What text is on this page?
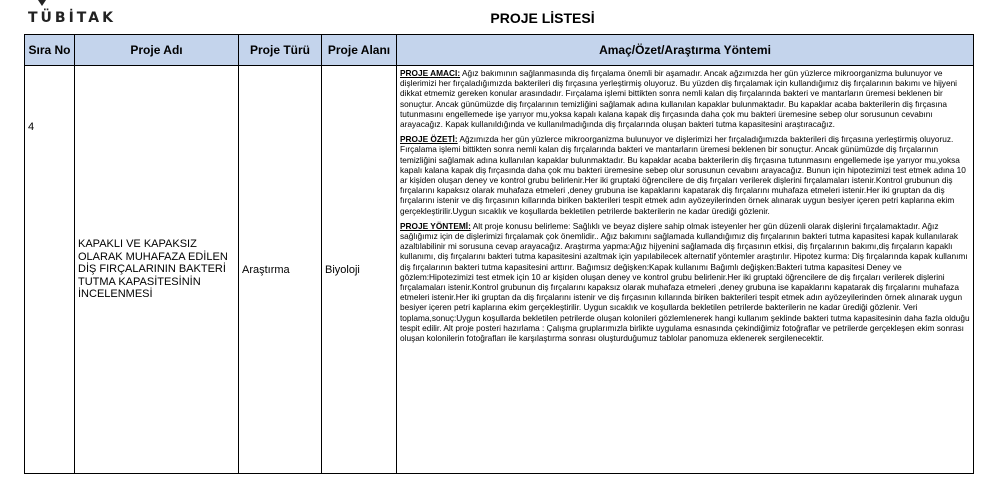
TÜBİTAK	PROJE LİSTESİ
Sıra No	Proje Adı	Proje Türü	Proje Alanı	Amaç/Özet/Araştırma Yöntemi
4	KAPAKLI VE KAPAKSIZ OLARAK MUHAFAZA EDİLEN DİŞ FIRÇALARININ BAKTERİ TUTMA KAPASİTESİNİN İNCELENMESİ	Araştırma	Biyoloji	PROJE AMACI: Ağız bakımının sağlanmasında diş fırçalama önemli bir aşamadır. Ancak ağzımızda her gün yüzlerce mikroorganizma bulunuyor ve dişlerimizi her fırçaladığımızda bakterileri diş fırçasına yerleştirmiş oluyoruz. Bu yüzden diş fırçalamak için kullandığımız diş fırçalarının bakımı ve hijyeni dikkat etmemiz gereken konular arasındadır. Fırçalama işlemi bittikten sonra nemli kalan diş fırçalarında bakteri ve mantarların üremesi beklenen bir sonuçtur. Ancak günümüzde diş fırçalarının temizliğini sağlamak adına kullanılan kapaklar bulunmaktadır. Bu kapaklar acaba bakterilerin diş fırçasına tutunmasını engellemede işe yarıyor mu,yoksa kapalı kalana kapak diş fırçasında daha çok mu bakteri üremesine sebep olur sorusunun cevabını arayacağız. Kapak kullanıldığında ve kullanılmadığında diş fırçalarında oluşan bakteri tutma kapasitesini araştıracağız.

PROJE ÖZETİ: Ağzımızda her gün yüzlerce mikroorganizma bulunuyor ve dişlerimizi her fırçaladığımızda bakterileri diş fırçasına yerleştirmiş oluyoruz. Fırçalama işlemi bittikten sonra nemli kalan diş fırçalarında bakteri ve mantarların üremesi beklenen bir sonuçtur. Ancak günümüzde diş fırçalarının temizliğini sağlamak adına kullanılan kapaklar bulunmaktadır. Bu kapaklar acaba bakterilerin diş fırçasına tutunmasını engellemede işe yarıyor mu,yoksa kapalı kalana kapak diş fırçasında daha çok mu bakteri üremesine sebep olur sorusunun cevabını arayacağız. Bunun için hipotezimizi test etmek adına 10 ar kişiden oluşan deney ve kontrol grubu belirlenir.Her iki gruptaki öğrencilere de diş fırçaları verilerek dişlerini fırçalamaları istenir.Kontrol grubunun diş fırçalarını kapaksız olarak muhafaza etmeleri ,deney grubuna ise kapaklarını kapatarak diş fırçalarını muhafaza etmeleri istenir.Her iki gruptan da diş fırçalarını istenir ve diş fırçasının kıllarında biriken bakterileri tespit etmek adın ayözeyilerinden örnek alınarak uygun besiyer içeren petri kaplarına ekim gerçekleştirilir.Uygun sıcaklık ve koşullarda bekletilen petrilerde bakterilerin ne kadar ürediği gözlenir.

PROJE YÖNTEMİ: Alt proje konusu belirleme: Sağlıklı ve beyaz dişlere sahip olmak isteyenler her gün düzenli olarak dişlerini fırçalamaktadır. Ağız sağlığımız için de dişlerimizi fırçalamak çok önemlidir.. Ağız bakımını sağlamada kullandığımız diş fırçalarının bakteri tutma kapasitesi kapak kullanılarak azaltılabilinir mi sorusuna cevap arayacağız. Araştırma yapma:Ağız hijyenini sağlamada diş fırçasının etkisi, diş fırçalarının bakımı,diş fırçaların kapaklı kullanımı, diş fırçalarını bakteri tutma kapasitesini azaltmak için yapılabilecek alternatif yöntemler araştırılır. Hipotez kurma: Diş fırçalarında kapak kullanımı diş fırçalarının bakteri tutma kapasitesini arttırır. Bağımsız değişken:Kapak kullanımı Bağımlı değişken:Bakteri tutma kapasitesi Deney ve gözlem:Hipotezimizi test etmek için 10 ar kişiden oluşan deney ve kontrol grubu belirlenir.Her iki gruptaki öğrencilere de diş fırçaları verilerek dişlerini fırçalamaları istenir.Kontrol grubunun diş fırçalarını kapaksız olarak muhafaza etmeleri ,deney grubuna ise kapaklarını kapatarak diş fırçalarını muhafaza etmeleri istenir.Her iki gruptan da diş fırçalarını istenir ve diş fırçasının kıllarında biriken bakterileri tespit etmek adın ayözeyilerinden örnek alınarak uygun besiyer içeren petri kaplarına ekim gerçekleştirilir. Uygun sıcaklık ve koşullarda bekletilen petrilerde bakterilerin ne kadar ürediği gözlenir. Veri toplama,sonuç:Uygun koşullarda bekletilen petrilerde oluşan kolonileri gözlemlenerek hangi kullanım şeklinde bakteri tutma kapasitesinin daha fazla olduğu tespit edilir. Alt proje posteri hazırlama : Çalışma gruplarımızla birlikte uygulama esnasında çekindiğimiz fotoğraflar ve petrilerde gerçekleşen ekim sonrası oluşan kolonilerin fotoğrafları ile karşılaştırma sonrası oluşturduğumuz tablolar panomuza eklenerek sergilenecektir.
